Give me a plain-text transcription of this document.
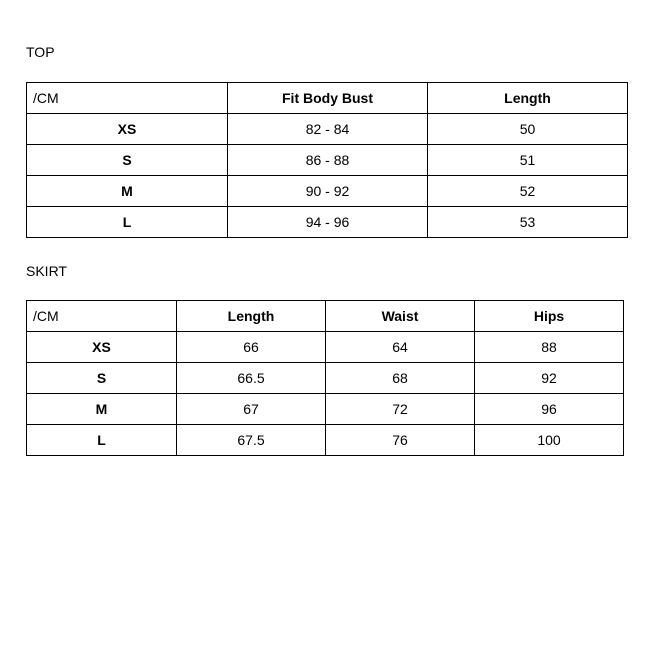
TOP
/CM	Fit Body Bust	Length
XS	82 - 84	50
S	86 - 88	51
M	90 - 92	52
L	94 - 96	53
SKIRT
/CM	Length	Waist	Hips
XS	66	64	88
S	66.5	68	92
M	67	72	96
L	67.5	76	100
